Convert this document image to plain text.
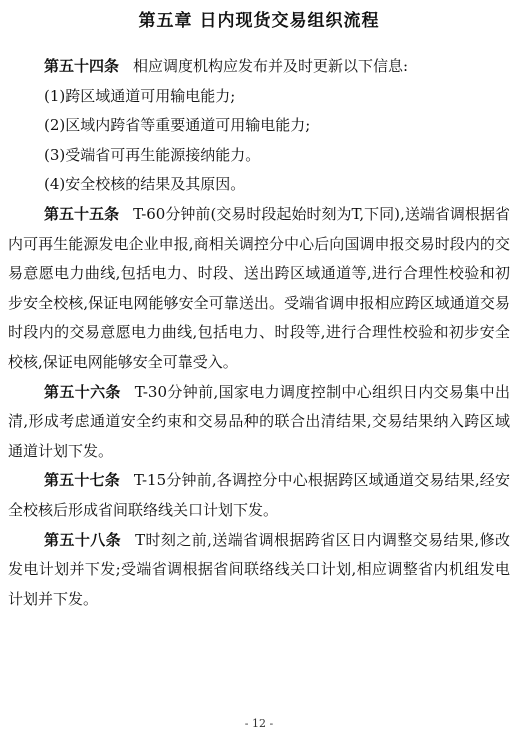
第五章 日内现货交易组织流程

第五十四条 相应调度机构应发布并及时更新以下信息:

(1)跨区域通道可用输电能力;

(2)区域内跨省等重要通道可用输电能力;

(3)受端省可再生能源接纳能力。

(4)安全校核的结果及其原因。

第五十五条 T-60分钟前(交易时段起始时刻为T,下同),送端省调根据省内可再生能源发电企业申报,商相关调控分中心后向国调申报交易时段内的交易意愿电力曲线,包括电力、时段、送出跨区域通道等,进行合理性校验和初步安全校核,保证电网能够安全可靠送出。受端省调申报相应跨区域通道交易时段内的交易意愿电力曲线,包括电力、时段等,进行合理性校验和初步安全校核,保证电网能够安全可靠受入。

第五十六条 T-30分钟前,国家电力调度控制中心组织日内交易集中出清,形成考虑通道安全约束和交易品种的联合出清结果,交易结果纳入跨区域通道计划下发。

第五十七条 T-15分钟前,各调控分中心根据跨区域通道交易结果,经安全校核后形成省间联络线关口计划下发。

第五十八条 T时刻之前,送端省调根据跨省区日内调整交易结果,修改发电计划并下发;受端省调根据省间联络线关口计划,相应调整省内机组发电计划并下发。

- 12 -
